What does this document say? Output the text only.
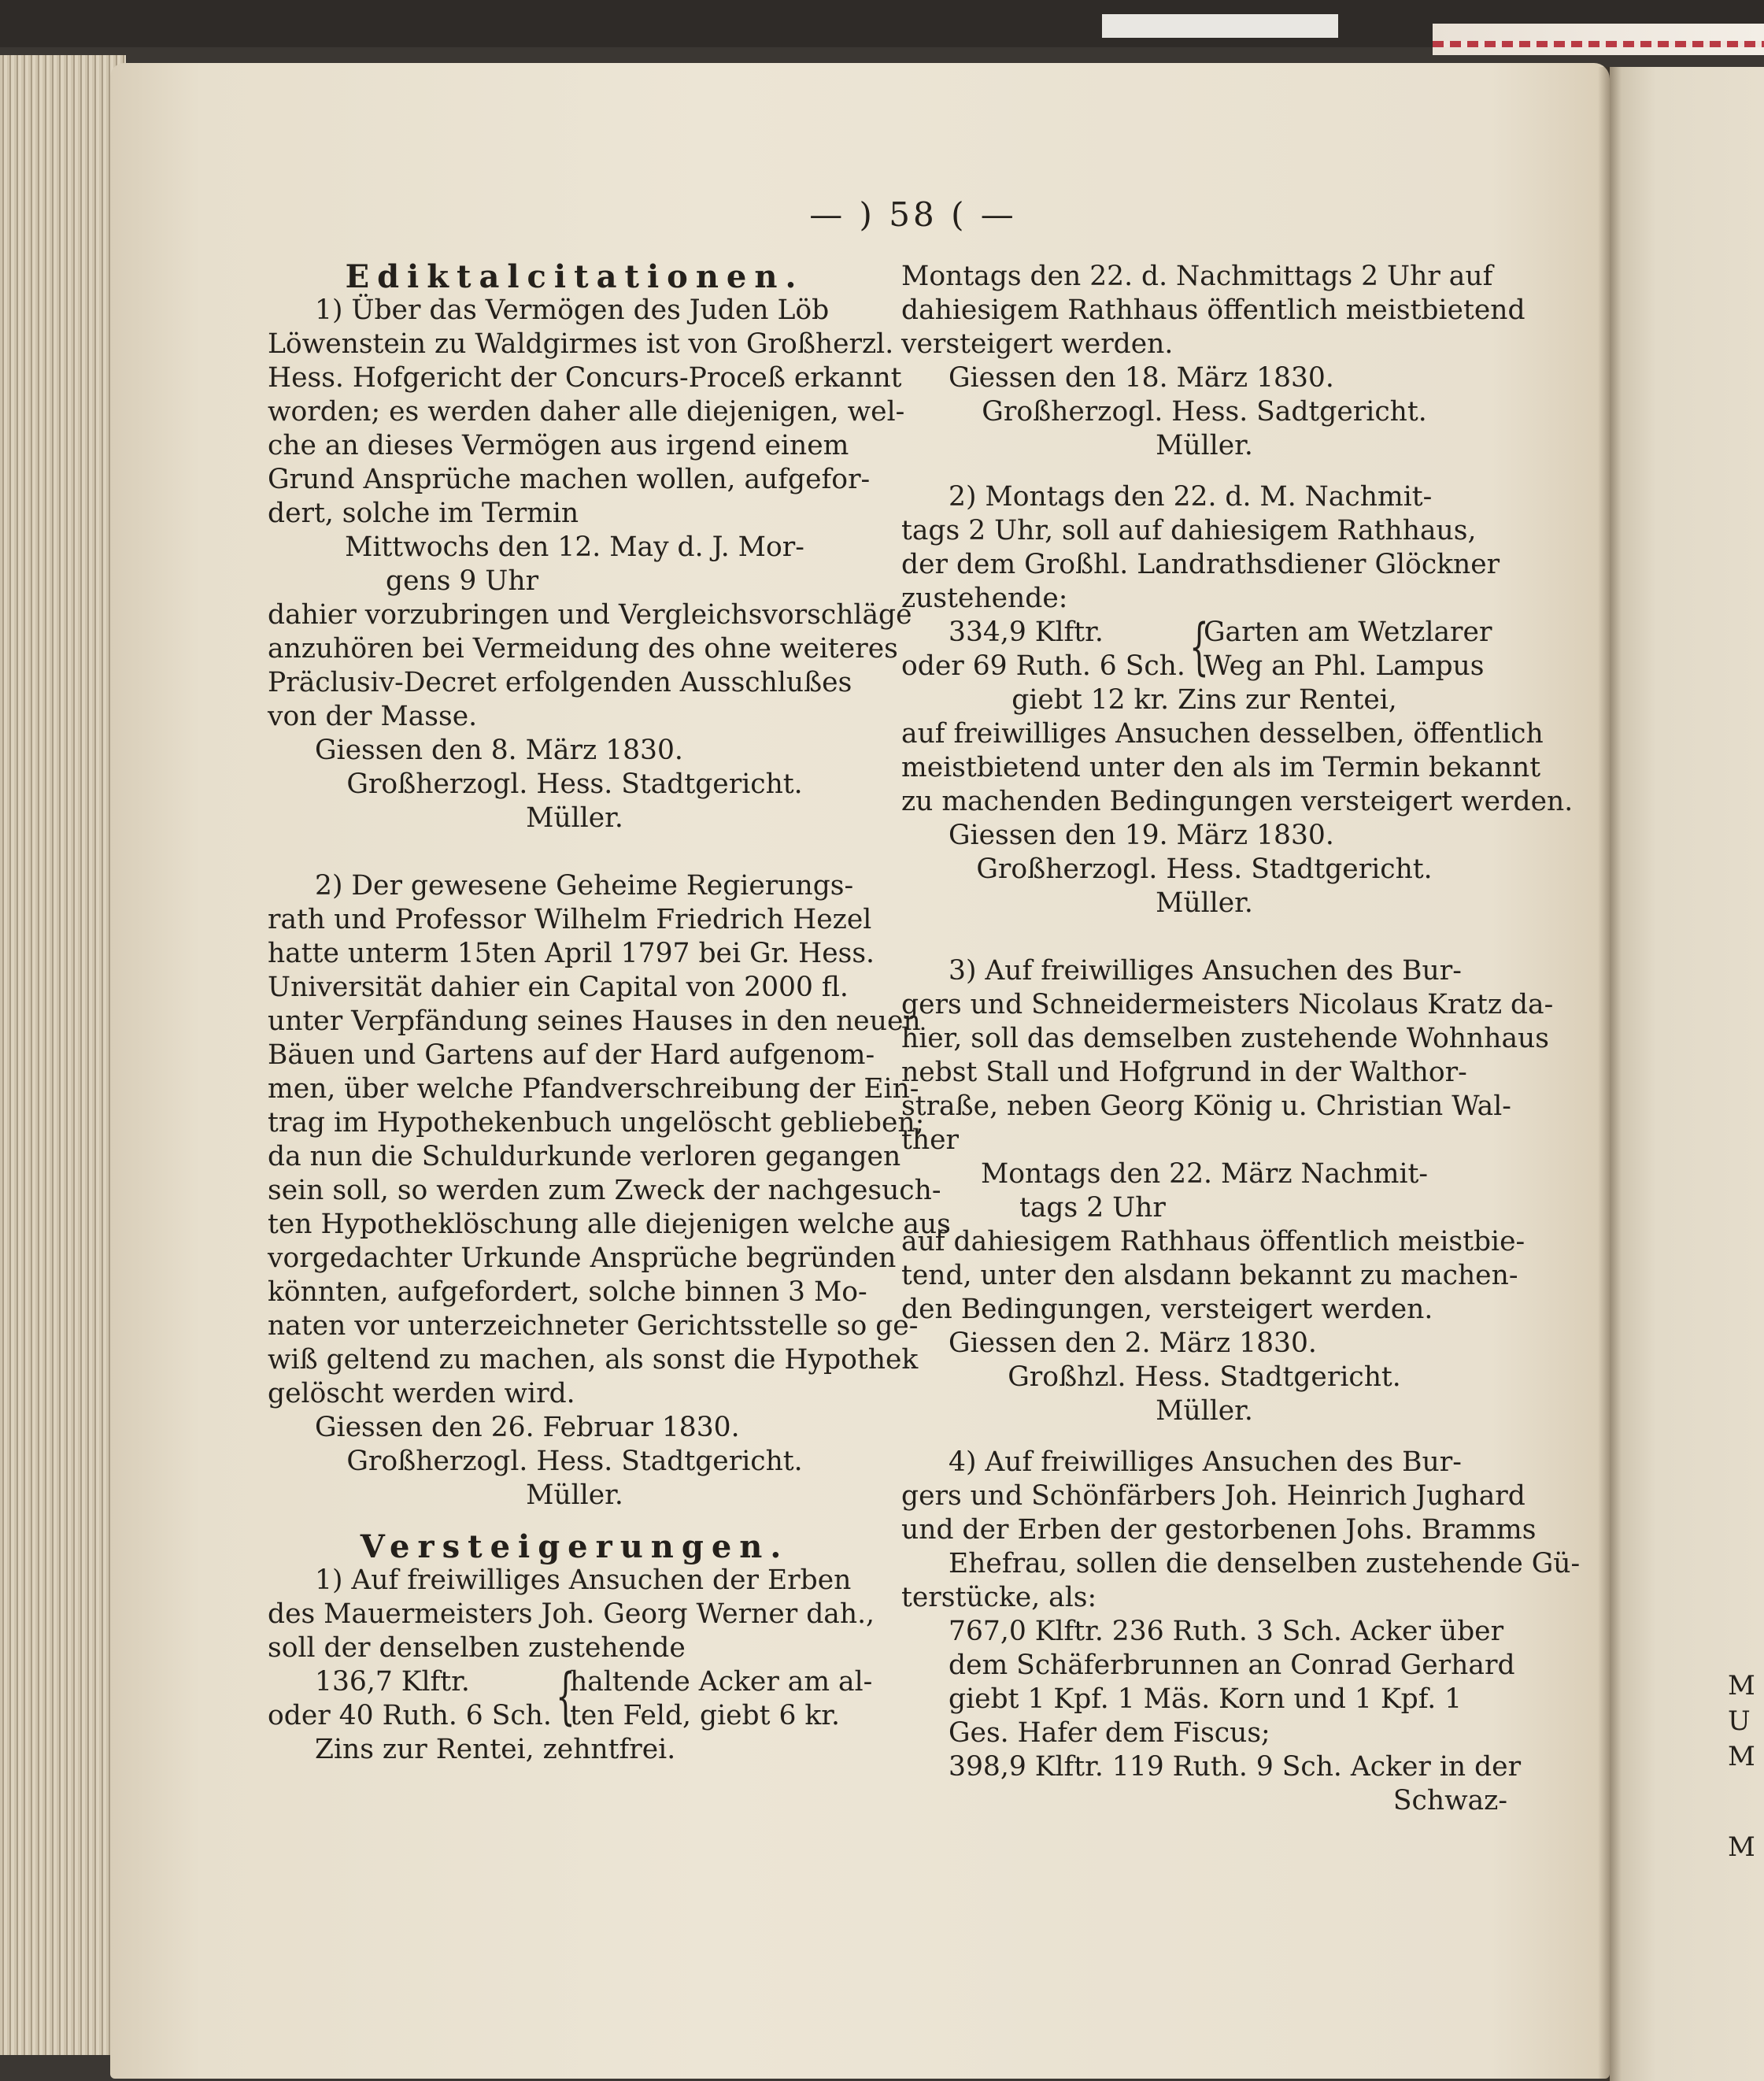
— ) 58 ( —
Ediktalcitationen.
1) Über das Vermögen des Juden Löb
Löwenstein zu Waldgirmes ist von Großherzl.
Hess. Hofgericht der Concurs-Proceß erkannt
worden; es werden daher alle diejenigen, wel-
che an dieses Vermögen aus irgend einem
Grund Ansprüche machen wollen, aufgefor-
dert, solche im Termin
Mittwochs den 12. May d. J. Mor-
gens 9 Uhr
dahier vorzubringen und Vergleichsvorschläge
anzuhören bei Vermeidung des ohne weiteres
Präclusiv-Decret erfolgenden Ausschlußes
von der Masse.
Giessen den 8. März 1830.
Großherzogl. Hess. Stadtgericht.
Müller.
2) Der gewesene Geheime Regierungs-
rath und Professor Wilhelm Friedrich Hezel
hatte unterm 15ten April 1797 bei Gr. Hess.
Universität dahier ein Capital von 2000 fl.
unter Verpfändung seines Hauses in den neuen
Bäuen und Gartens auf der Hard aufgenom-
men, über welche Pfandverschreibung der Ein-
trag im Hypothekenbuch ungelöscht geblieben;
da nun die Schuldurkunde verloren gegangen
sein soll, so werden zum Zweck der nachgesuch-
ten Hypotheklöschung alle diejenigen welche aus
vorgedachter Urkunde Ansprüche begründen
könnten, aufgefordert, solche binnen 3 Mo-
naten vor unterzeichneter Gerichtsstelle so ge-
wiß geltend zu machen, als sonst die Hypothek
gelöscht werden wird.
Giessen den 26. Februar 1830.
Großherzogl. Hess. Stadtgericht.
Müller.
Versteigerungen.
1) Auf freiwilliges Ansuchen der Erben
des Mauermeisters Joh. Georg Werner dah.,
soll der denselben zustehende
136,7 Klftr.
oder 40 Ruth. 6 Sch. {
haltende Acker am al-
ten Feld, giebt 6 kr.
Zins zur Rentei, zehntfrei.
Montags den 22. d. Nachmittags 2 Uhr auf
dahiesigem Rathhaus öffentlich meistbietend
versteigert werden.
Giessen den 18. März 1830.
Großherzogl. Hess. Sadtgericht.
Müller.
2) Montags den 22. d. M. Nachmit-
tags 2 Uhr, soll auf dahiesigem Rathhaus,
der dem Großhl. Landrathsdiener Glöckner
zustehende:
334,9 Klftr.
oder 69 Ruth. 6 Sch. {
Garten am Wetzlarer
Weg an Phl. Lampus
giebt 12 kr. Zins zur Rentei,
auf freiwilliges Ansuchen desselben, öffentlich
meistbietend unter den als im Termin bekannt
zu machenden Bedingungen versteigert werden.
Giessen den 19. März 1830.
Großherzogl. Hess. Stadtgericht.
Müller.
3) Auf freiwilliges Ansuchen des Bur-
gers und Schneidermeisters Nicolaus Kratz da-
hier, soll das demselben zustehende Wohnhaus
nebst Stall und Hofgrund in der Walthor-
straße, neben Georg König u. Christian Wal-
ther
Montags den 22. März Nachmit-
tags 2 Uhr
auf dahiesigem Rathhaus öffentlich meistbie-
tend, unter den alsdann bekannt zu machen-
den Bedingungen, versteigert werden.
Giessen den 2. März 1830.
Großhzl. Hess. Stadtgericht.
Müller.
4) Auf freiwilliges Ansuchen des Bur-
gers und Schönfärbers Joh. Heinrich Jughard
und der Erben der gestorbenen Johs. Bramms
Ehefrau, sollen die denselben zustehende Gü-
terstücke, als:
767,0 Klftr. 236 Ruth. 3 Sch. Acker über
dem Schäferbrunnen an Conrad Gerhard
giebt 1 Kpf. 1 Mäs. Korn und 1 Kpf. 1
Ges. Hafer dem Fiscus;
398,9 Klftr. 119 Ruth. 9 Sch. Acker in der
Schwaz-
M
U
M
M
